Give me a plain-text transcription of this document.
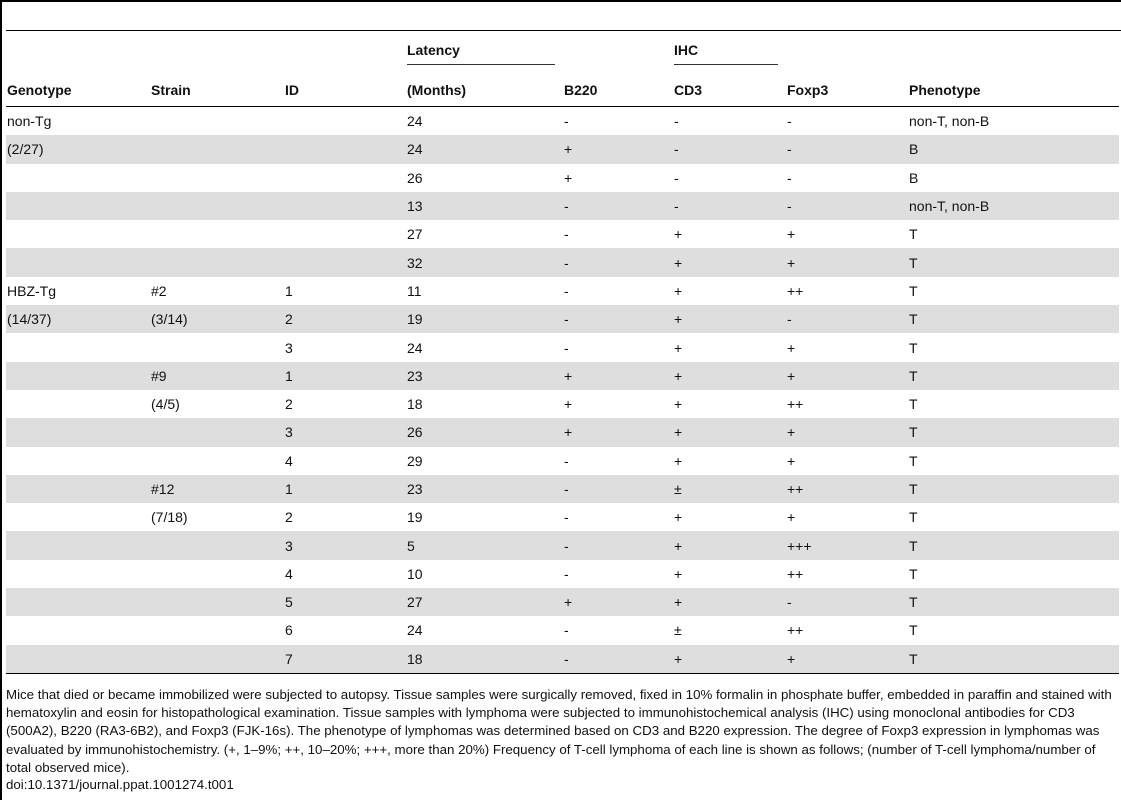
			Latency		IHC		

Genotype	Strain	ID	(Months)	B220	CD3	Foxp3	Phenotype
non-Tg			24	-	-	-	non-T, non-B
(2/27)			24	+	-	-	B
			26	+	-	-	B
			13	-	-	-	non-T, non-B
			27	-	+	+	T
			32	-	+	+	T
HBZ-Tg	#2	1	11	-	+	++	T
(14/37)	(3/14)	2	19	-	+	-	T
		3	24	-	+	+	T
	#9	1	23	+	+	+	T
	(4/5)	2	18	+	+	++	T
		3	26	+	+	+	T
		4	29	-	+	+	T
	#12	1	23	-	±	++	T
	(7/18)	2	19	-	+	+	T
		3	5	-	+	+++	T
		4	10	-	+	++	T
		5	27	+	+	-	T
		6	24	-	±	++	T
		7	18	-	+	+	T
Mice that died or became immobilized were subjected to autopsy. Tissue samples were surgically removed, fixed in 10% formalin in phosphate buffer, embedded in paraffin and stained with hematoxylin and eosin for histopathological examination. Tissue samples with lymphoma were subjected to immunohistochemical analysis (IHC) using monoclonal antibodies for CD3 (500A2), B220 (RA3-6B2), and Foxp3 (FJK-16s). The phenotype of lymphomas was determined based on CD3 and B220 expression. The degree of Foxp3 expression in lymphomas was evaluated by immunohistochemistry. (+, 1–9%; ++, 10–20%; +++, more than 20%) Frequency of T-cell lymphoma of each line is shown as follows; (number of T-cell lymphoma/number of total observed mice).
doi:10.1371/journal.ppat.1001274.t001
